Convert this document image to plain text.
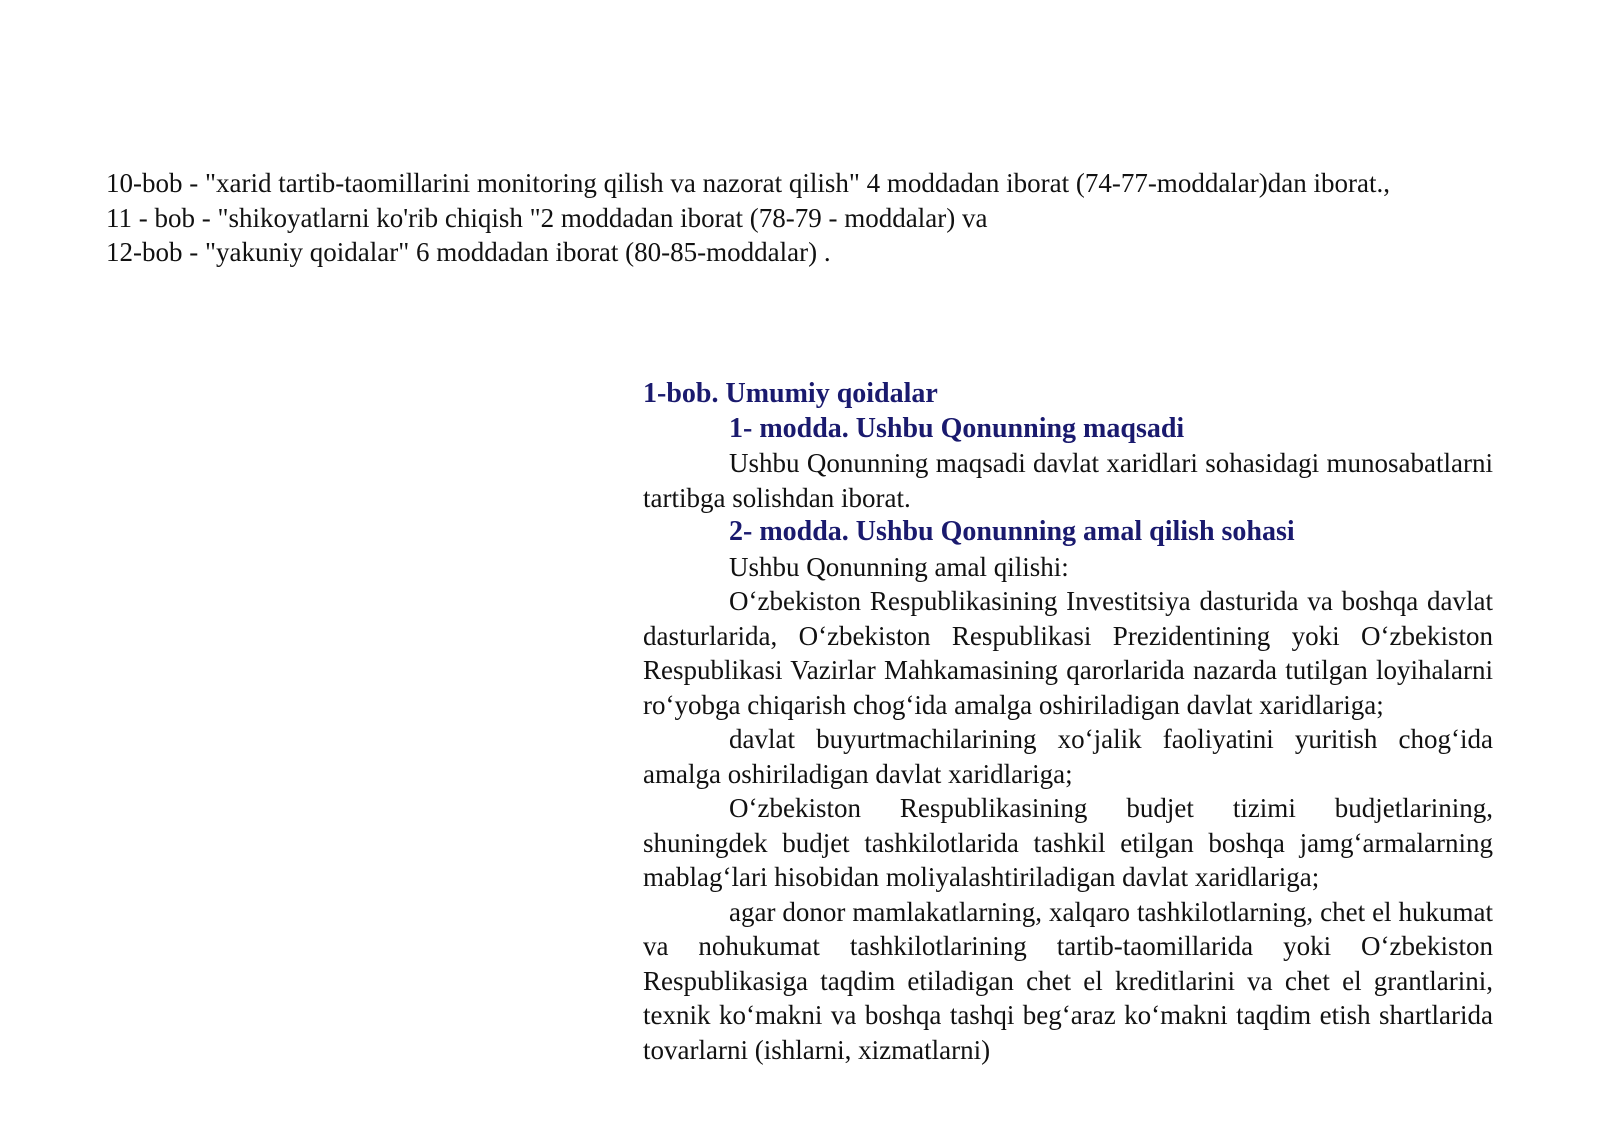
10-bob - "xarid tartib-taomillarini monitoring qilish va nazorat qilish" 4 moddadan iborat (74-77-moddalar)dan iborat.,

11 - bob - "shikoyatlarni ko'rib chiqish "2 moddadan iborat (78-79 - moddalar) va

12-bob - "yakuniy qoidalar" 6 moddadan iborat (80-85-moddalar) .

1-bob. Umumiy qoidalar

1- modda. Ushbu Qonunning maqsadi

Ushbu Qonunning maqsadi davlat xaridlari sohasidagi munosabatlarni tartibga solishdan iborat.

2- modda. Ushbu Qonunning amal qilish sohasi

Ushbu Qonunning amal qilishi:

O‘zbekiston Respublikasining Investitsiya dasturida va boshqa davlat dasturlarida, O‘zbekiston Respublikasi Prezidentining yoki O‘zbekiston Respublikasi Vazirlar Mahkamasining qarorlarida nazarda tutilgan loyihalarni ro‘yobga chiqarish chog‘ida amalga oshiriladigan davlat xaridlariga;

davlat buyurtmachilarining xo‘jalik faoliyatini yuritish chog‘ida amalga oshiriladigan davlat xaridlariga;

O‘zbekiston Respublikasining budjet tizimi budjetlarining, shuningdek budjet tashkilotlarida tashkil etilgan boshqa jamg‘armalarning mablag‘lari hisobidan moliyalashtiriladigan davlat xaridlariga;

agar donor mamlakatlarning, xalqaro tashkilotlarning, chet el hukumat va nohukumat tashkilotlarining tartib-taomillarida yoki O‘zbekiston Respublikasiga taqdim etiladigan chet el kreditlarini va chet el grantlarini, texnik ko‘makni va boshqa tashqi beg‘araz ko‘makni taqdim etish shartlarida tovarlarni (ishlarni, xizmatlarni)
